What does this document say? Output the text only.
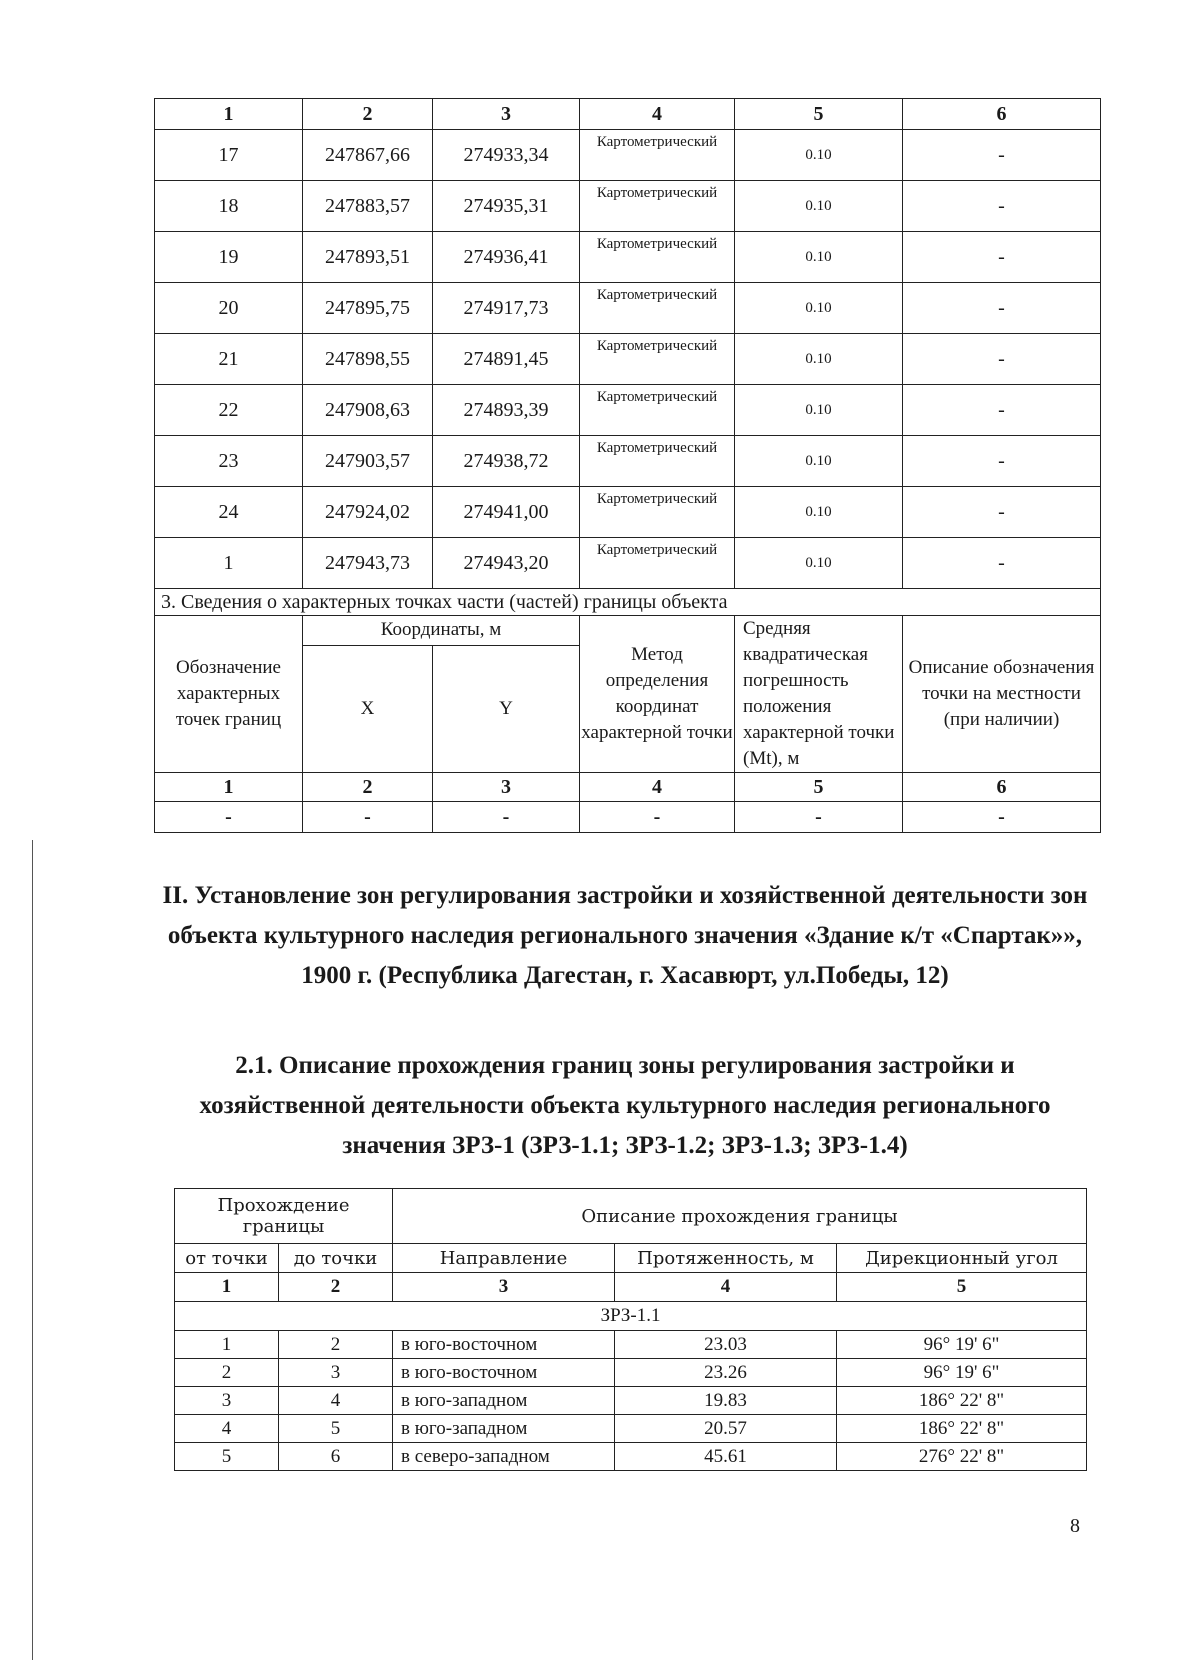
1	2	3	4	5	6
17	247867,66	274933,34	Картометрический	0.10	-
18	247883,57	274935,31	Картометрический	0.10	-
19	247893,51	274936,41	Картометрический	0.10	-
20	247895,75	274917,73	Картометрический	0.10	-
21	247898,55	274891,45	Картометрический	0.10	-
22	247908,63	274893,39	Картометрический	0.10	-
23	247903,57	274938,72	Картометрический	0.10	-
24	247924,02	274941,00	Картометрический	0.10	-
1	247943,73	274943,20	Картометрический	0.10	-
3. Сведения о характерных точках части (частей) границы объекта					
Обозначение характерных точек границ	Координаты, м		Метод определения координат характерной точки	Средняя квадратическая погрешность положения характерной точки (Mt), м	Описание обозначения точки на местности (при наличии)
	X	Y			
1	2	3	4	5	6
-	-	-	-	-	-
II. Установление зон регулирования застройки и хозяйственной деятельности зон объекта культурного наследия регионального значения «Здание к/т «Спартак»», 1900 г. (Республика Дагестан, г. Хасавюрт, ул.Победы, 12)
2.1. Описание прохождения границ зоны регулирования застройки и хозяйственной деятельности объекта культурного наследия регионального значения ЗРЗ-1 (ЗРЗ-1.1; ЗРЗ-1.2; ЗРЗ-1.3; ЗРЗ-1.4)
Прохождение границы		Описание прохождения границы		
от точки	до точки			
		Направление	Протяженность, м	Дирекционный угол
1	2	3	4	5
ЗРЗ-1.1				
1	2	в юго-восточном	23.03	96° 19' 6"
2	3	в юго-восточном	23.26	96° 19' 6"
3	4	в юго-западном	19.83	186° 22' 8"
4	5	в юго-западном	20.57	186° 22' 8"
5	6	в северо-западном	45.61	276° 22' 8"
8
